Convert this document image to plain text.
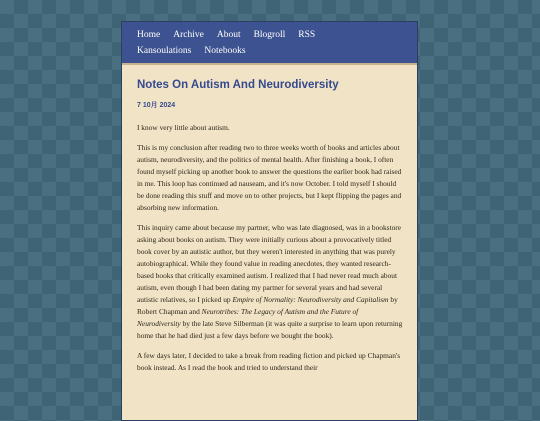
Home Archive About Blogroll RSS
Kansoulations Notebooks
Notes On Autism And Neurodiversity
7 10月 2024

I know very little about autism.

This is my conclusion after reading two to three weeks worth of books and articles about autism, neurodiversity, and the politics of mental health. After finishing a book, I often found myself picking up another book to answer the questions the earlier book had raised in me. This loop has continued ad nauseam, and it's now October. I told myself I should be done reading this stuff and move on to other projects, but I kept flipping the pages and absorbing new information.

This inquiry came about because my partner, who was late diagnosed, was in a bookstore asking about books on autism. They were initially curious about a provocatively titled book cover by an autistic author, but they weren't interested in anything that was purely autobiographical. While they found value in reading anecdotes, they wanted research-based books that critically examined autism. I realized that I had never read much about autism, even though I had been dating my partner for several years and had several autistic relatives, so I picked up Empire of Normality: Neurodiversity and Capitalism by Robert Chapman and Neurotribes: The Legacy of Autism and the Future of Neurodiversity by the late Steve Silberman (it was quite a surprise to learn upon returning home that he had died just a few days before we bought the book).

A few days later, I decided to take a break from reading fiction and picked up Chapman's book instead. As I read the book and tried to understand their
